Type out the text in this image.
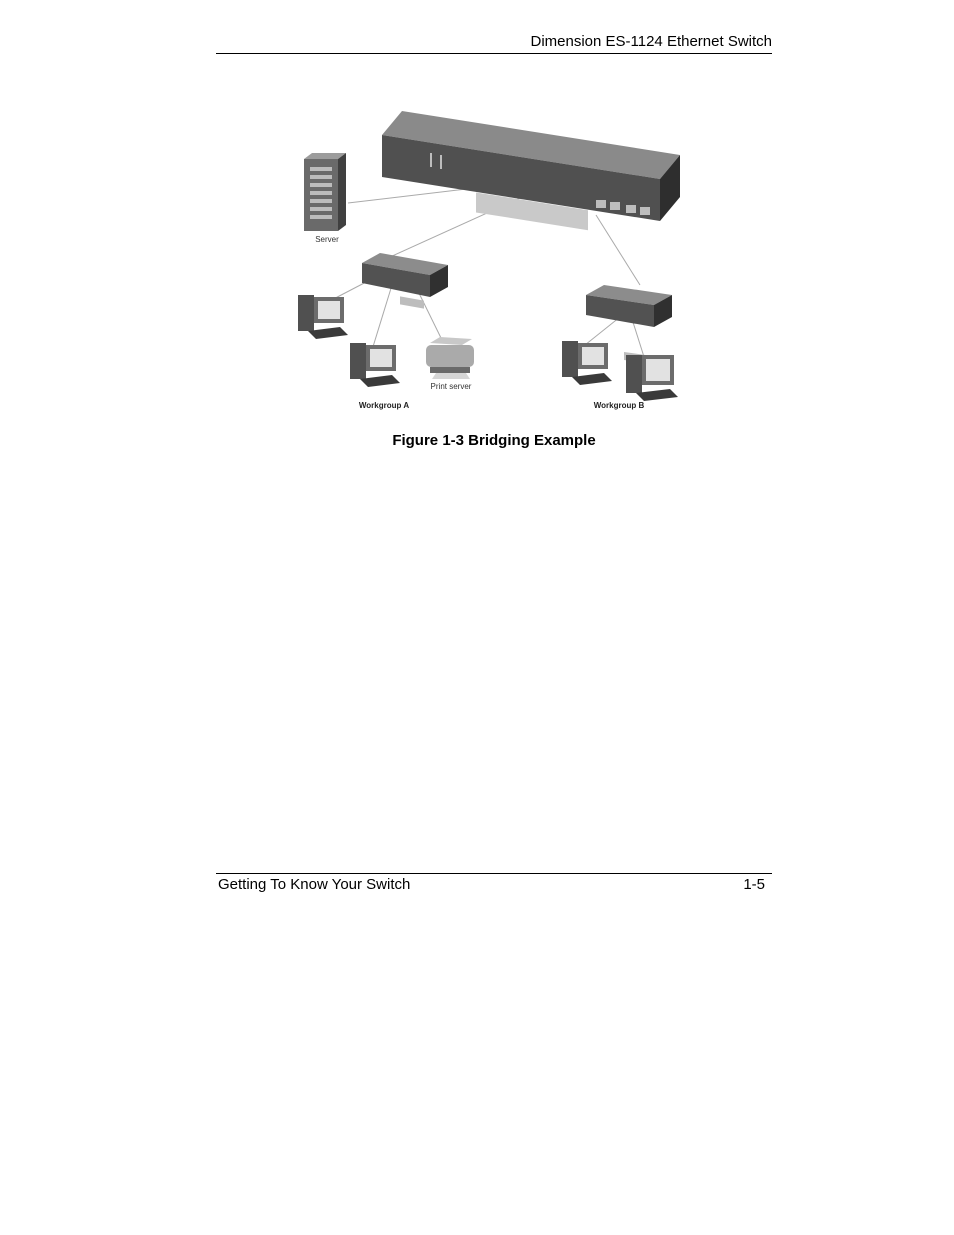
Dimension ES-1124 Ethernet Switch
Server
Print server
Workgroup A	Workgroup B
Figure 1-3 Bridging Example
Getting To Know Your Switch	1-5
